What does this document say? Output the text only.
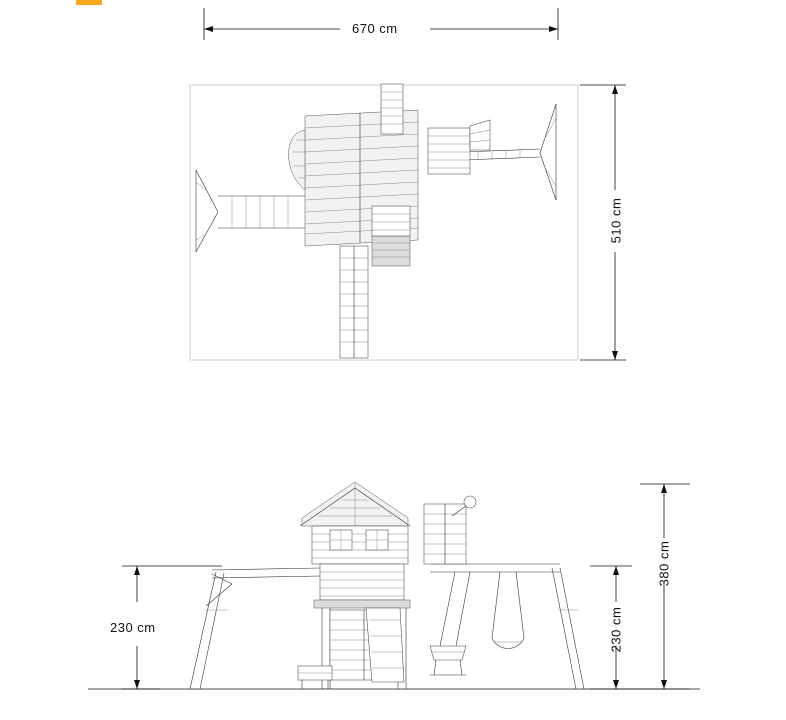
670 cm
510 cm
230 cm	230 cm
380 cm
